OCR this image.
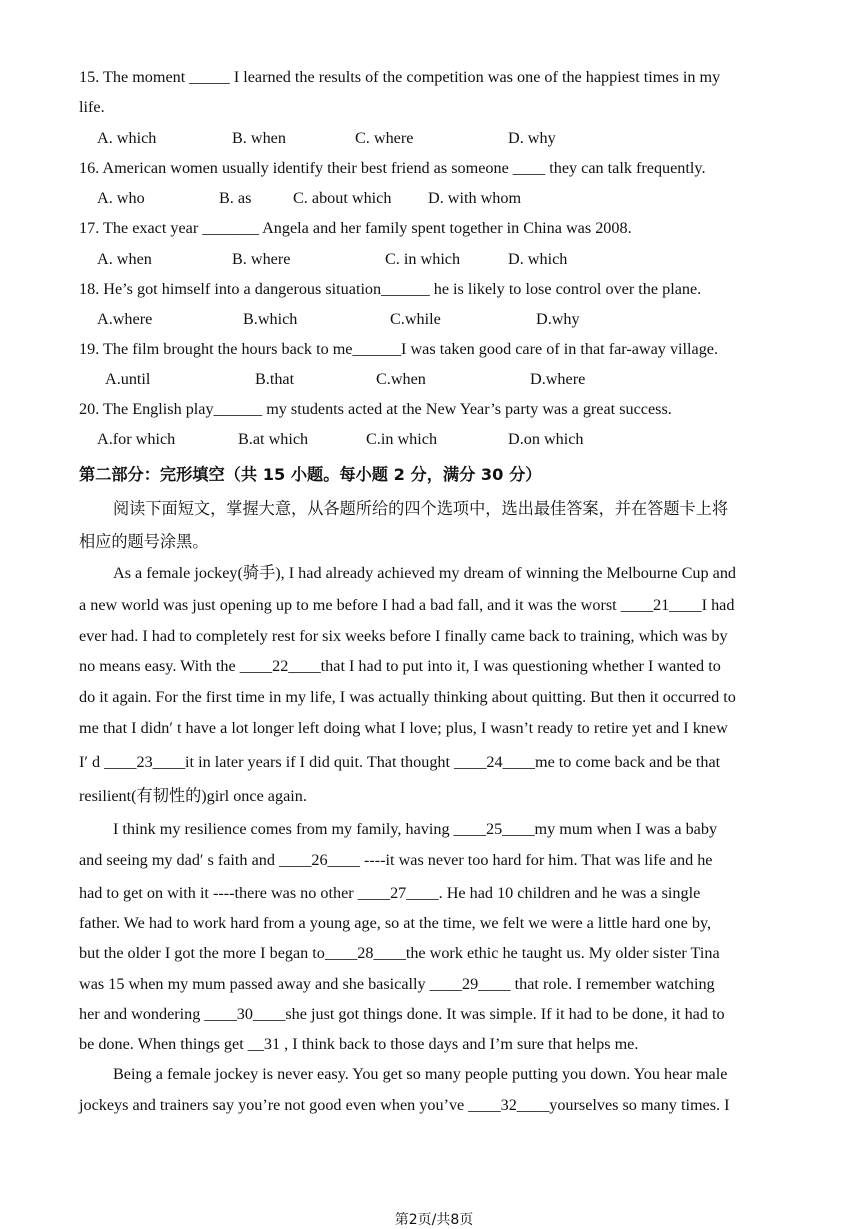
15. The moment _____ I learned the results of the competition was one of the happiest times in my
life.
A. which	B. when	C. where	D. why
16. American women usually identify their best friend as someone ____ they can talk frequently.
A. who	B. as	C. about which D. with whom
17. The exact year _______ Angela and her family spent together in China was 2008.
A. when	B. where	C. in which	D. which
18. He’s got himself into a dangerous situation______ he is likely to lose control over the plane.
A.where	B.which	C.while	D.why
19. The film brought the hours back to me______I was taken good care of in that far-away village.
A.until	B.that	C.when	D.where
20. The English play______ my students acted at the New Year’s party was a great success.
A.for which	B.at which	C.in which	D.on which
第二部分：完形填空（共 15 小题。每小题 2 分，满分 30 分）
阅读下面短文，掌握大意，从各题所给的四个选项中，选出最佳答案，并在答题卡上将
相应的题号涂黑。
As a female jockey(骑手), I had already achieved my dream of winning the Melbourne Cup and
a new world was just opening up to me before I had a bad fall, and it was the worst ____21____I had
ever had. I had to completely rest for six weeks before I finally came back to training, which was by
no means easy. With the ____22____that I had to put into it, I was questioning whether I wanted to
do it again. For the first time in my life, I was actually thinking about quitting. But then it occurred to
me that I didn′ t have a lot longer left doing what I love; plus, I wasn’t ready to retire yet and I knew
I′ d ____23____it in later years if I did quit. That thought ____24____me to come back and be that
resilient(有韧性的)girl once again.
I think my resilience comes from my family, having ____25____my mum when I was a baby
and seeing my dad′ s faith and ____26____ ----it was never too hard for him. That was life and he
had to get on with it ----there was no other ____27____. He had 10 children and he was a single
father. We had to work hard from a young age, so at the time, we felt we were a little hard one by,
but the older I got the more I began to____28____the work ethic he taught us. My older sister Tina
was 15 when my mum passed away and she basically ____29____ that role. I remember watching
her and wondering ____30____she just got things done. It was simple. If it had to be done, it had to
be done. When things get __31 , I think back to those days and I’m sure that helps me.
Being a female jockey is never easy. You get so many people putting you down. You hear male
jockeys and trainers say you’re not good even when you’ve ____32____yourselves so many times. I
第2页/共8页
